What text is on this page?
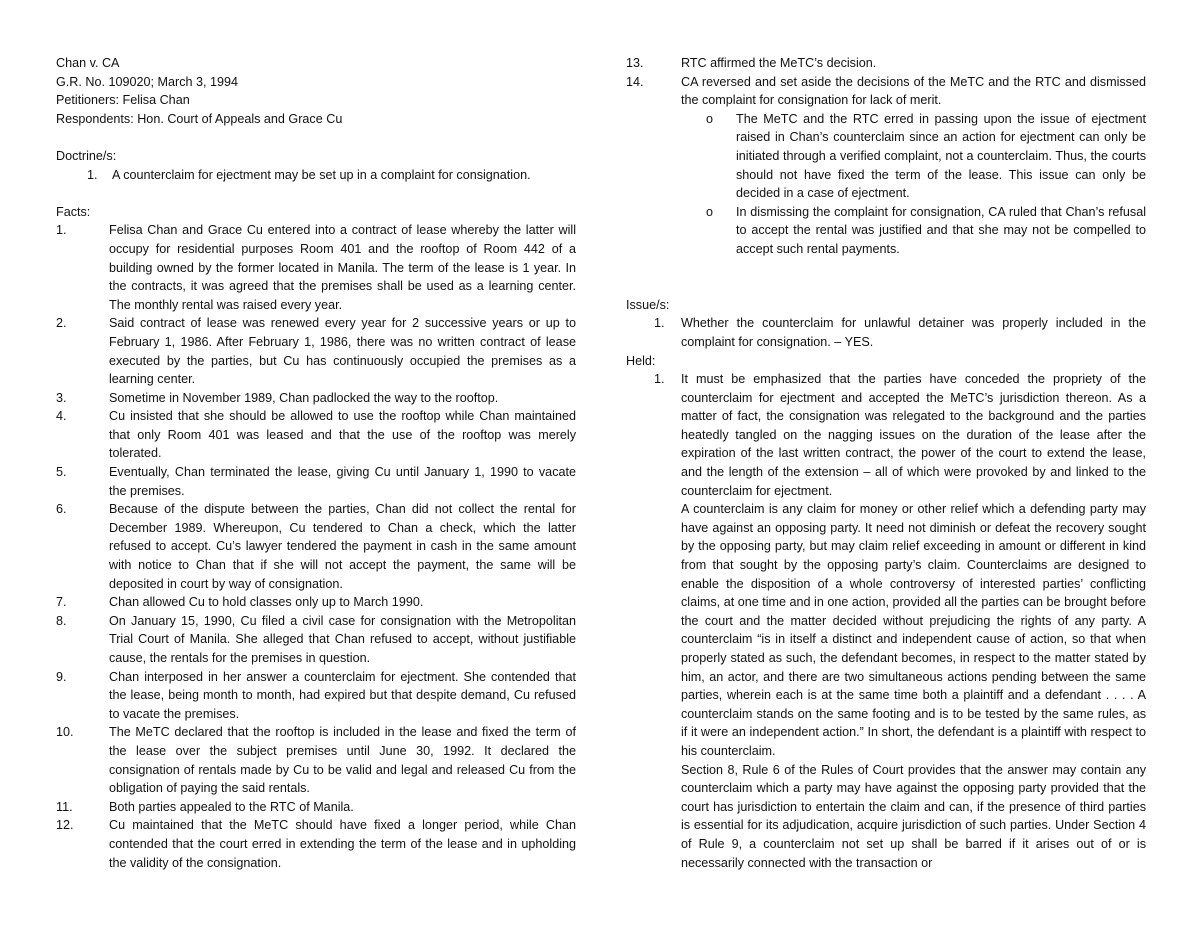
Chan v. CA
G.R. No. 109020; March 3, 1994
Petitioners: Felisa Chan
Respondents: Hon. Court of Appeals and Grace Cu
Doctrine/s:
1.	A counterclaim for ejectment may be set up in a complaint for consignation.
Facts:
1.	Felisa Chan and Grace Cu entered into a contract of lease whereby the latter will occupy for residential purposes Room 401 and the rooftop of Room 442 of a building owned by the former located in Manila. The term of the lease is 1 year. In the contracts, it was agreed that the premises shall be used as a learning center. The monthly rental was raised every year.
2.	Said contract of lease was renewed every year for 2 successive years or up to February 1, 1986. After February 1, 1986, there was no written contract of lease executed by the parties, but Cu has continuously occupied the premises as a learning center.
3.	Sometime in November 1989, Chan padlocked the way to the rooftop.
4.	Cu insisted that she should be allowed to use the rooftop while Chan maintained that only Room 401 was leased and that the use of the rooftop was merely tolerated.
5.	Eventually, Chan terminated the lease, giving Cu until January 1, 1990 to vacate the premises.
6.	Because of the dispute between the parties, Chan did not collect the rental for December 1989. Whereupon, Cu tendered to Chan a check, which the latter refused to accept. Cu’s lawyer tendered the payment in cash in the same amount with notice to Chan that if she will not accept the payment, the same will be deposited in court by way of consignation.
7.	Chan allowed Cu to hold classes only up to March 1990.
8.	On January 15, 1990, Cu filed a civil case for consignation with the Metropolitan Trial Court of Manila. She alleged that Chan refused to accept, without justifiable cause, the rentals for the premises in question.
9.	Chan interposed in her answer a counterclaim for ejectment. She contended that the lease, being month to month, had expired but that despite demand, Cu refused to vacate the premises.
10.	The MeTC declared that the rooftop is included in the lease and fixed the term of the lease over the subject premises until June 30, 1992. It declared the consignation of rentals made by Cu to be valid and legal and released Cu from the obligation of paying the said rentals.
11.	Both parties appealed to the RTC of Manila.
12.	Cu maintained that the MeTC should have fixed a longer period, while Chan contended that the court erred in extending the term of the lease and in upholding the validity of the consignation.
13.	RTC affirmed the MeTC’s decision.
14.	CA reversed and set aside the decisions of the MeTC and the RTC and dismissed the complaint for consignation for lack of merit.
o	The MeTC and the RTC erred in passing upon the issue of ejectment raised in Chan’s counterclaim since an action for ejectment can only be initiated through a verified complaint, not a counterclaim. Thus, the courts should not have fixed the term of the lease. This issue can only be decided in a case of ejectment.
o	In dismissing the complaint for consignation, CA ruled that Chan’s refusal to accept the rental was justified and that she may not be compelled to accept such rental payments.
Issue/s:
1.	Whether the counterclaim for unlawful detainer was properly included in the complaint for consignation. – YES.
Held:
1.	It must be emphasized that the parties have conceded the propriety of the counterclaim for ejectment and accepted the MeTC’s jurisdiction thereon. As a matter of fact, the consignation was relegated to the background and the parties heatedly tangled on the nagging issues on the duration of the lease after the expiration of the last written contract, the power of the court to extend the lease, and the length of the extension – all of which were provoked by and linked to the counterclaim for ejectment.
A counterclaim is any claim for money or other relief which a defending party may have against an opposing party. It need not diminish or defeat the recovery sought by the opposing party, but may claim relief exceeding in amount or different in kind from that sought by the opposing party’s claim. Counterclaims are designed to enable the disposition of a whole controversy of interested parties’ conflicting claims, at one time and in one action, provided all the parties can be brought before the court and the matter decided without prejudicing the rights of any party. A counterclaim “is in itself a distinct and independent cause of action, so that when properly stated as such, the defendant becomes, in respect to the matter stated by him, an actor, and there are two simultaneous actions pending between the same parties, wherein each is at the same time both a plaintiff and a defendant . . . . A counterclaim stands on the same footing and is to be tested by the same rules, as if it were an independent action.” In short, the defendant is a plaintiff with respect to his counterclaim.
Section 8, Rule 6 of the Rules of Court provides that the answer may contain any counterclaim which a party may have against the opposing party provided that the court has jurisdiction to entertain the claim and can, if the presence of third parties is essential for its adjudication, acquire jurisdiction of such parties. Under Section 4 of Rule 9, a counterclaim not set up shall be barred if it arises out of or is necessarily connected with the transaction or
